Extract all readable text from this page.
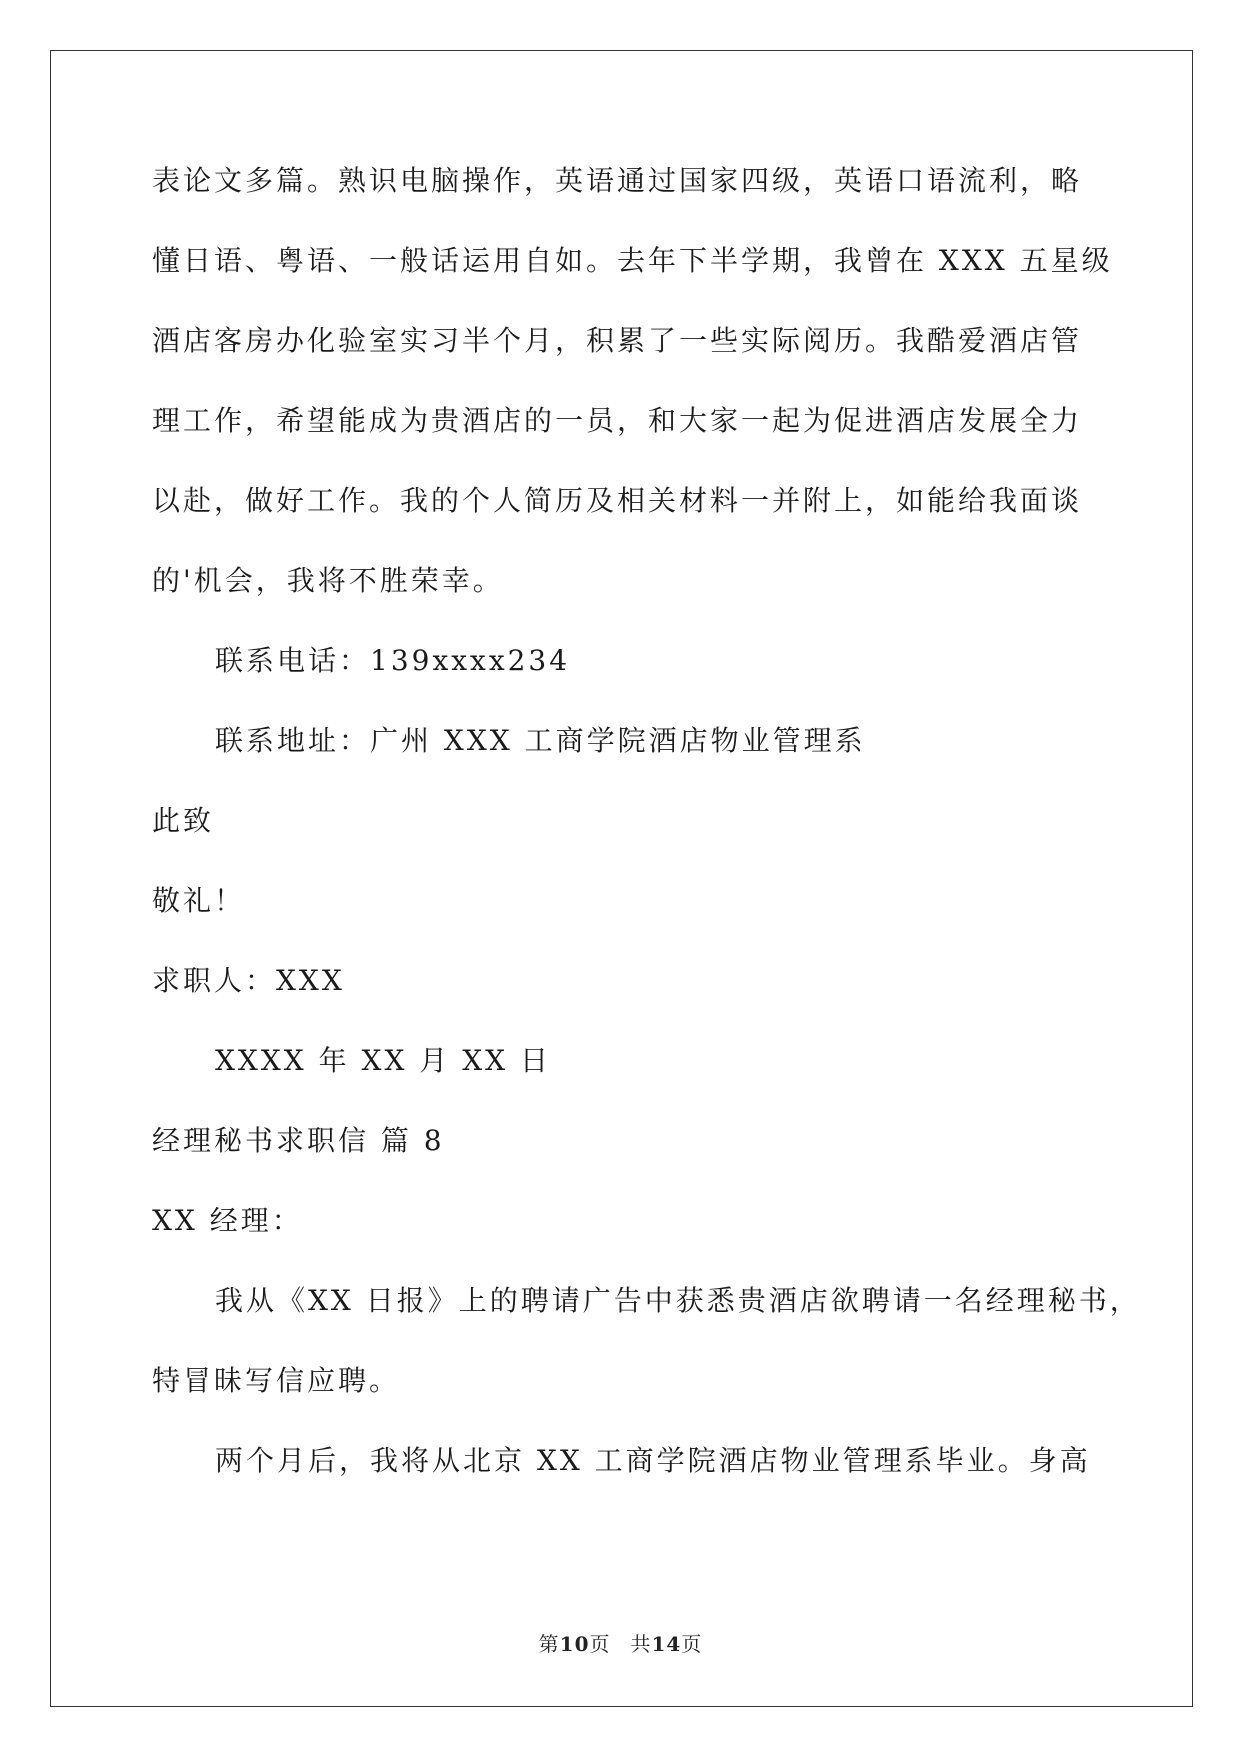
表论文多篇。熟识电脑操作，英语通过国家四级，英语口语流利，略
懂日语、粤语、一般话运用自如。去年下半学期，我曾在 XXX 五星级
酒店客房办化验室实习半个月，积累了一些实际阅历。我酷爱酒店管
理工作，希望能成为贵酒店的一员，和大家一起为促进酒店发展全力
以赴，做好工作。我的个人简历及相关材料一并附上，如能给我面谈
的'机会，我将不胜荣幸。
联系电话：139xxxx234
联系地址：广州 XXX 工商学院酒店物业管理系
此致
敬礼！
求职人：XXX
XXXX 年 XX 月 XX 日
经理秘书求职信 篇 8
XX 经理：
我从《XX 日报》上的聘请广告中获悉贵酒店欲聘请一名经理秘书，
特冒昧写信应聘。
两个月后，我将从北京 XX 工商学院酒店物业管理系毕业。身高
第10页 共14页
